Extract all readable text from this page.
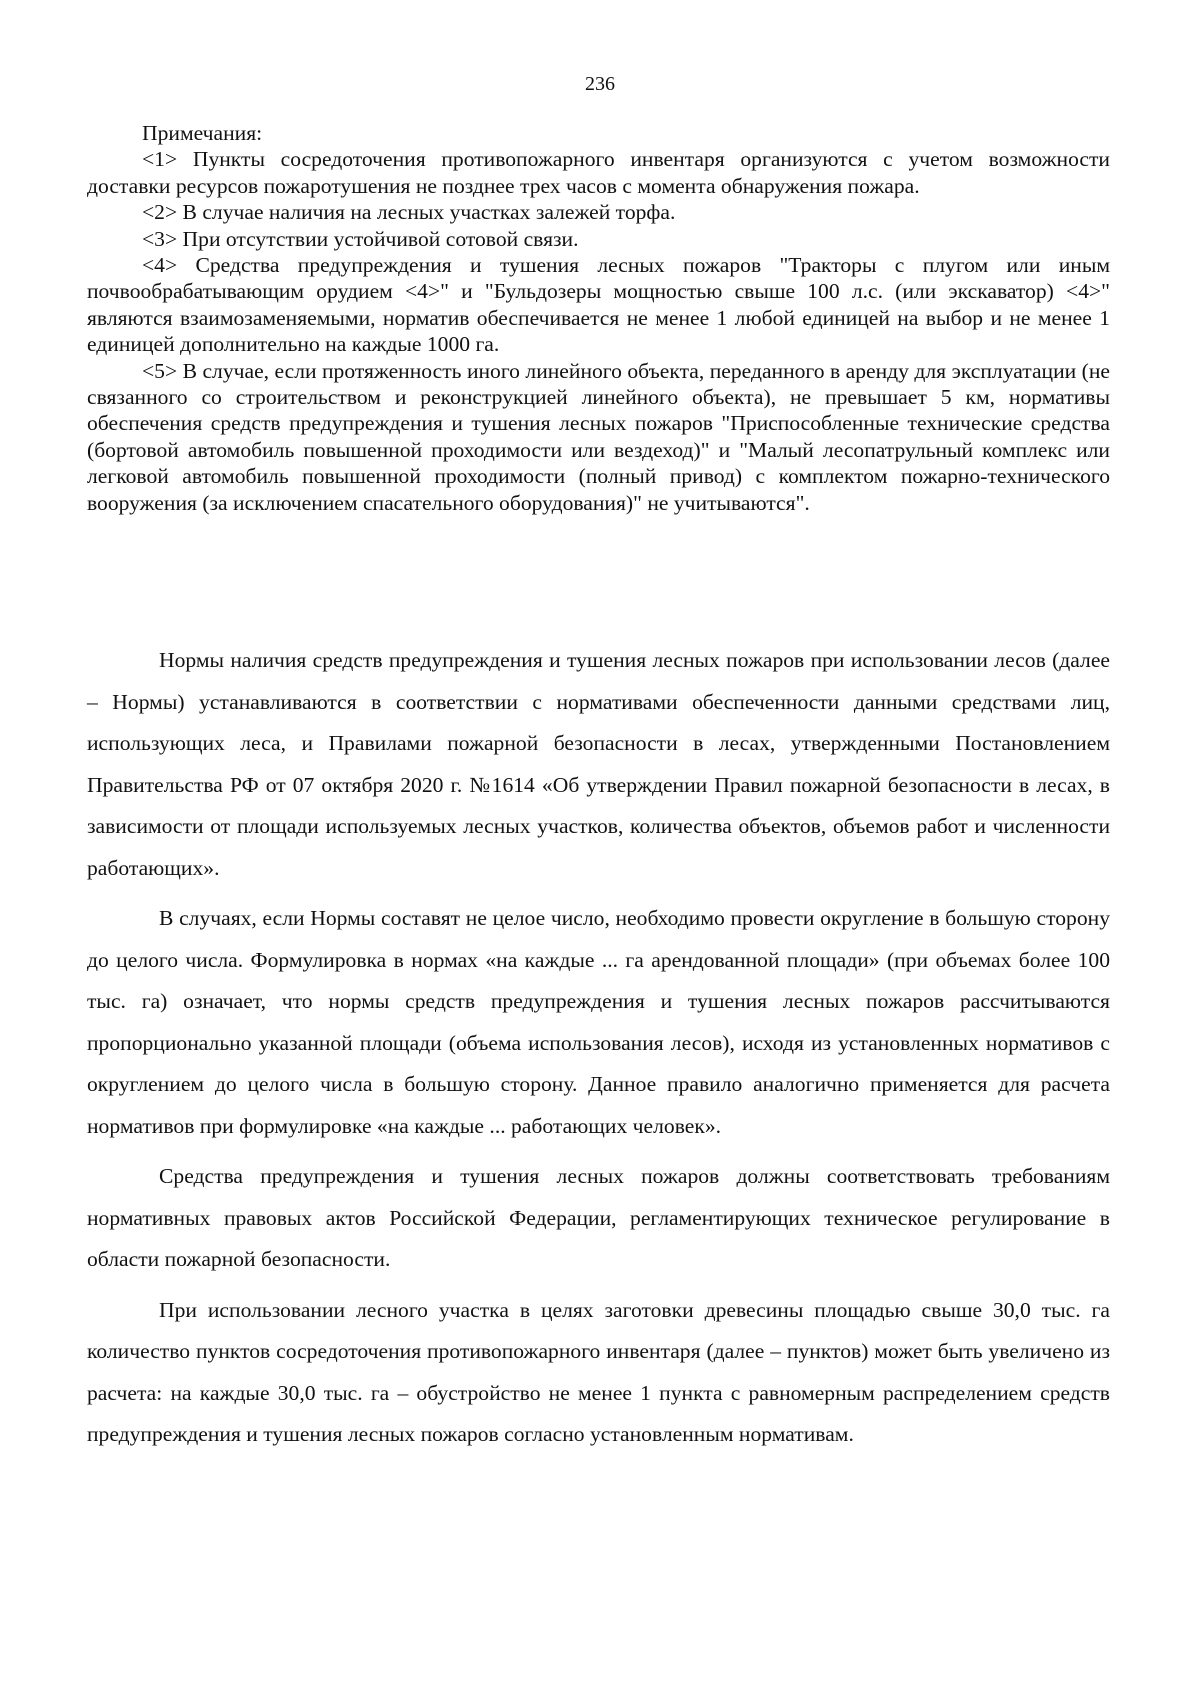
236

Примечания:

<1> Пункты сосредоточения противопожарного инвентаря организуются с учетом возможности доставки ресурсов пожаротушения не позднее трех часов с момента обнаружения пожара.

<2> В случае наличия на лесных участках залежей торфа.

<3> При отсутствии устойчивой сотовой связи.

<4> Средства предупреждения и тушения лесных пожаров "Тракторы с плугом или иным почвообрабатывающим орудием <4>" и "Бульдозеры мощностью свыше 100 л.с. (или экскаватор) <4>" являются взаимозаменяемыми, норматив обеспечивается не менее 1 любой единицей на выбор и не менее 1 единицей дополнительно на каждые 1000 га.

<5> В случае, если протяженность иного линейного объекта, переданного в аренду для эксплуатации (не связанного со строительством и реконструкцией линейного объекта), не превышает 5 км, нормативы обеспечения средств предупреждения и тушения лесных пожаров "Приспособленные технические средства (бортовой автомобиль повышенной проходимости или вездеход)" и "Малый лесопатрульный комплекс или легковой автомобиль повышенной проходимости (полный привод) с комплектом пожарно-технического вооружения (за исключением спасательного оборудования)" не учитываются".

Нормы наличия средств предупреждения и тушения лесных пожаров при использовании лесов (далее – Нормы) устанавливаются в соответствии с нормативами обеспеченности данными средствами лиц, использующих леса, и Правилами пожарной безопасности в лесах, утвержденными Постановлением Правительства РФ от 07 октября 2020 г. №1614 «Об утверждении Правил пожарной безопасности в лесах, в зависимости от площади используемых лесных участков, количества объектов, объемов работ и численности работающих».

В случаях, если Нормы составят не целое число, необходимо провести округление в большую сторону до целого числа. Формулировка в нормах «на каждые ... га арендованной площади» (при объемах более 100 тыс. га) означает, что нормы средств предупреждения и тушения лесных пожаров рассчитываются пропорционально указанной площади (объема использования лесов), исходя из установленных нормативов с округлением до целого числа в большую сторону. Данное правило аналогично применяется для расчета нормативов при формулировке «на каждые ... работающих человек».

Средства предупреждения и тушения лесных пожаров должны соответствовать требованиям нормативных правовых актов Российской Федерации, регламентирующих техническое регулирование в области пожарной безопасности.

При использовании лесного участка в целях заготовки древесины площадью свыше 30,0 тыс. га количество пунктов сосредоточения противопожарного инвентаря (далее – пунктов) может быть увеличено из расчета: на каждые 30,0 тыс. га – обустройство не менее 1 пункта с равномерным распределением средств предупреждения и тушения лесных пожаров согласно установленным нормативам.
